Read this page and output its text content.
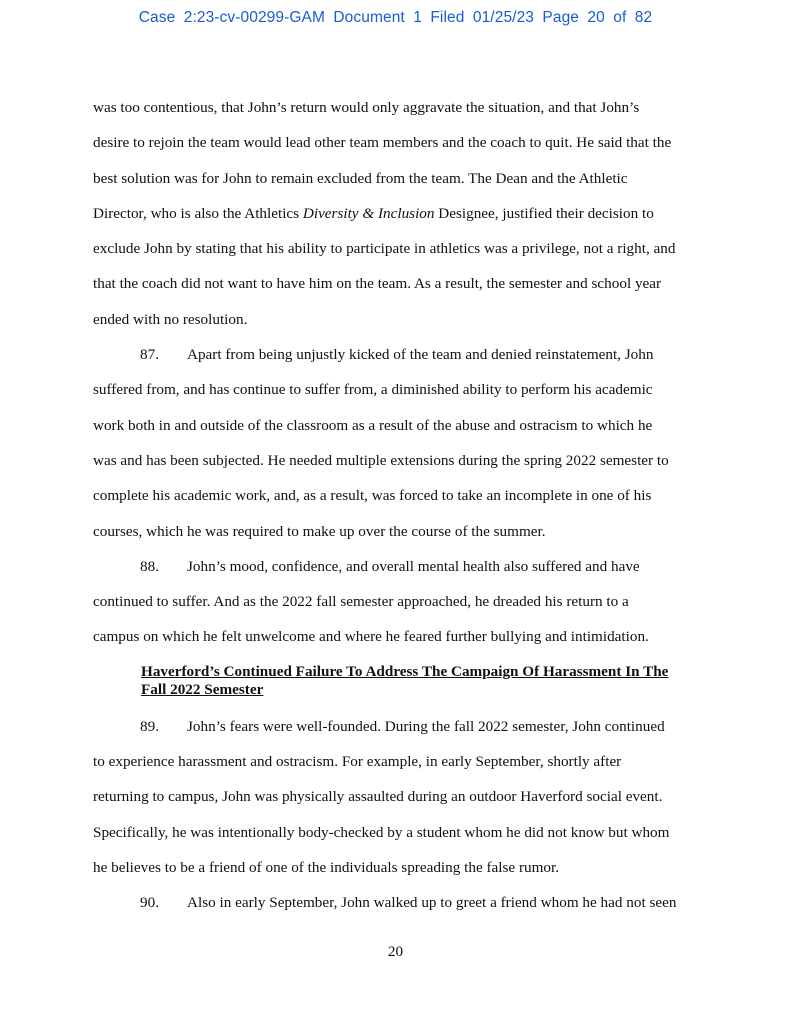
Case 2:23-cv-00299-GAM Document 1 Filed 01/25/23 Page 20 of 82

was too contentious, that John’s return would only aggravate the situation, and that John’s
desire to rejoin the team would lead other team members and the coach to quit. He said that the
best solution was for John to remain excluded from the team. The Dean and the Athletic
Director, who is also the Athletics Diversity & Inclusion Designee, justified their decision to
exclude John by stating that his ability to participate in athletics was a privilege, not a right, and
that the coach did not want to have him on the team. As a result, the semester and school year
ended with no resolution.

87. Apart from being unjustly kicked of the team and denied reinstatement, John
suffered from, and has continue to suffer from, a diminished ability to perform his academic
work both in and outside of the classroom as a result of the abuse and ostracism to which he
was and has been subjected. He needed multiple extensions during the spring 2022 semester to
complete his academic work, and, as a result, was forced to take an incomplete in one of his
courses, which he was required to make up over the course of the summer.

88. John’s mood, confidence, and overall mental health also suffered and have
continued to suffer. And as the 2022 fall semester approached, he dreaded his return to a
campus on which he felt unwelcome and where he feared further bullying and intimidation.

Haverford’s Continued Failure To Address The Campaign Of Harassment In The
Fall 2022 Semester

89. John’s fears were well-founded. During the fall 2022 semester, John continued
to experience harassment and ostracism. For example, in early September, shortly after
returning to campus, John was physically assaulted during an outdoor Haverford social event.
Specifically, he was intentionally body-checked by a student whom he did not know but whom
he believes to be a friend of one of the individuals spreading the false rumor.

90. Also in early September, John walked up to greet a friend whom he had not seen

20
